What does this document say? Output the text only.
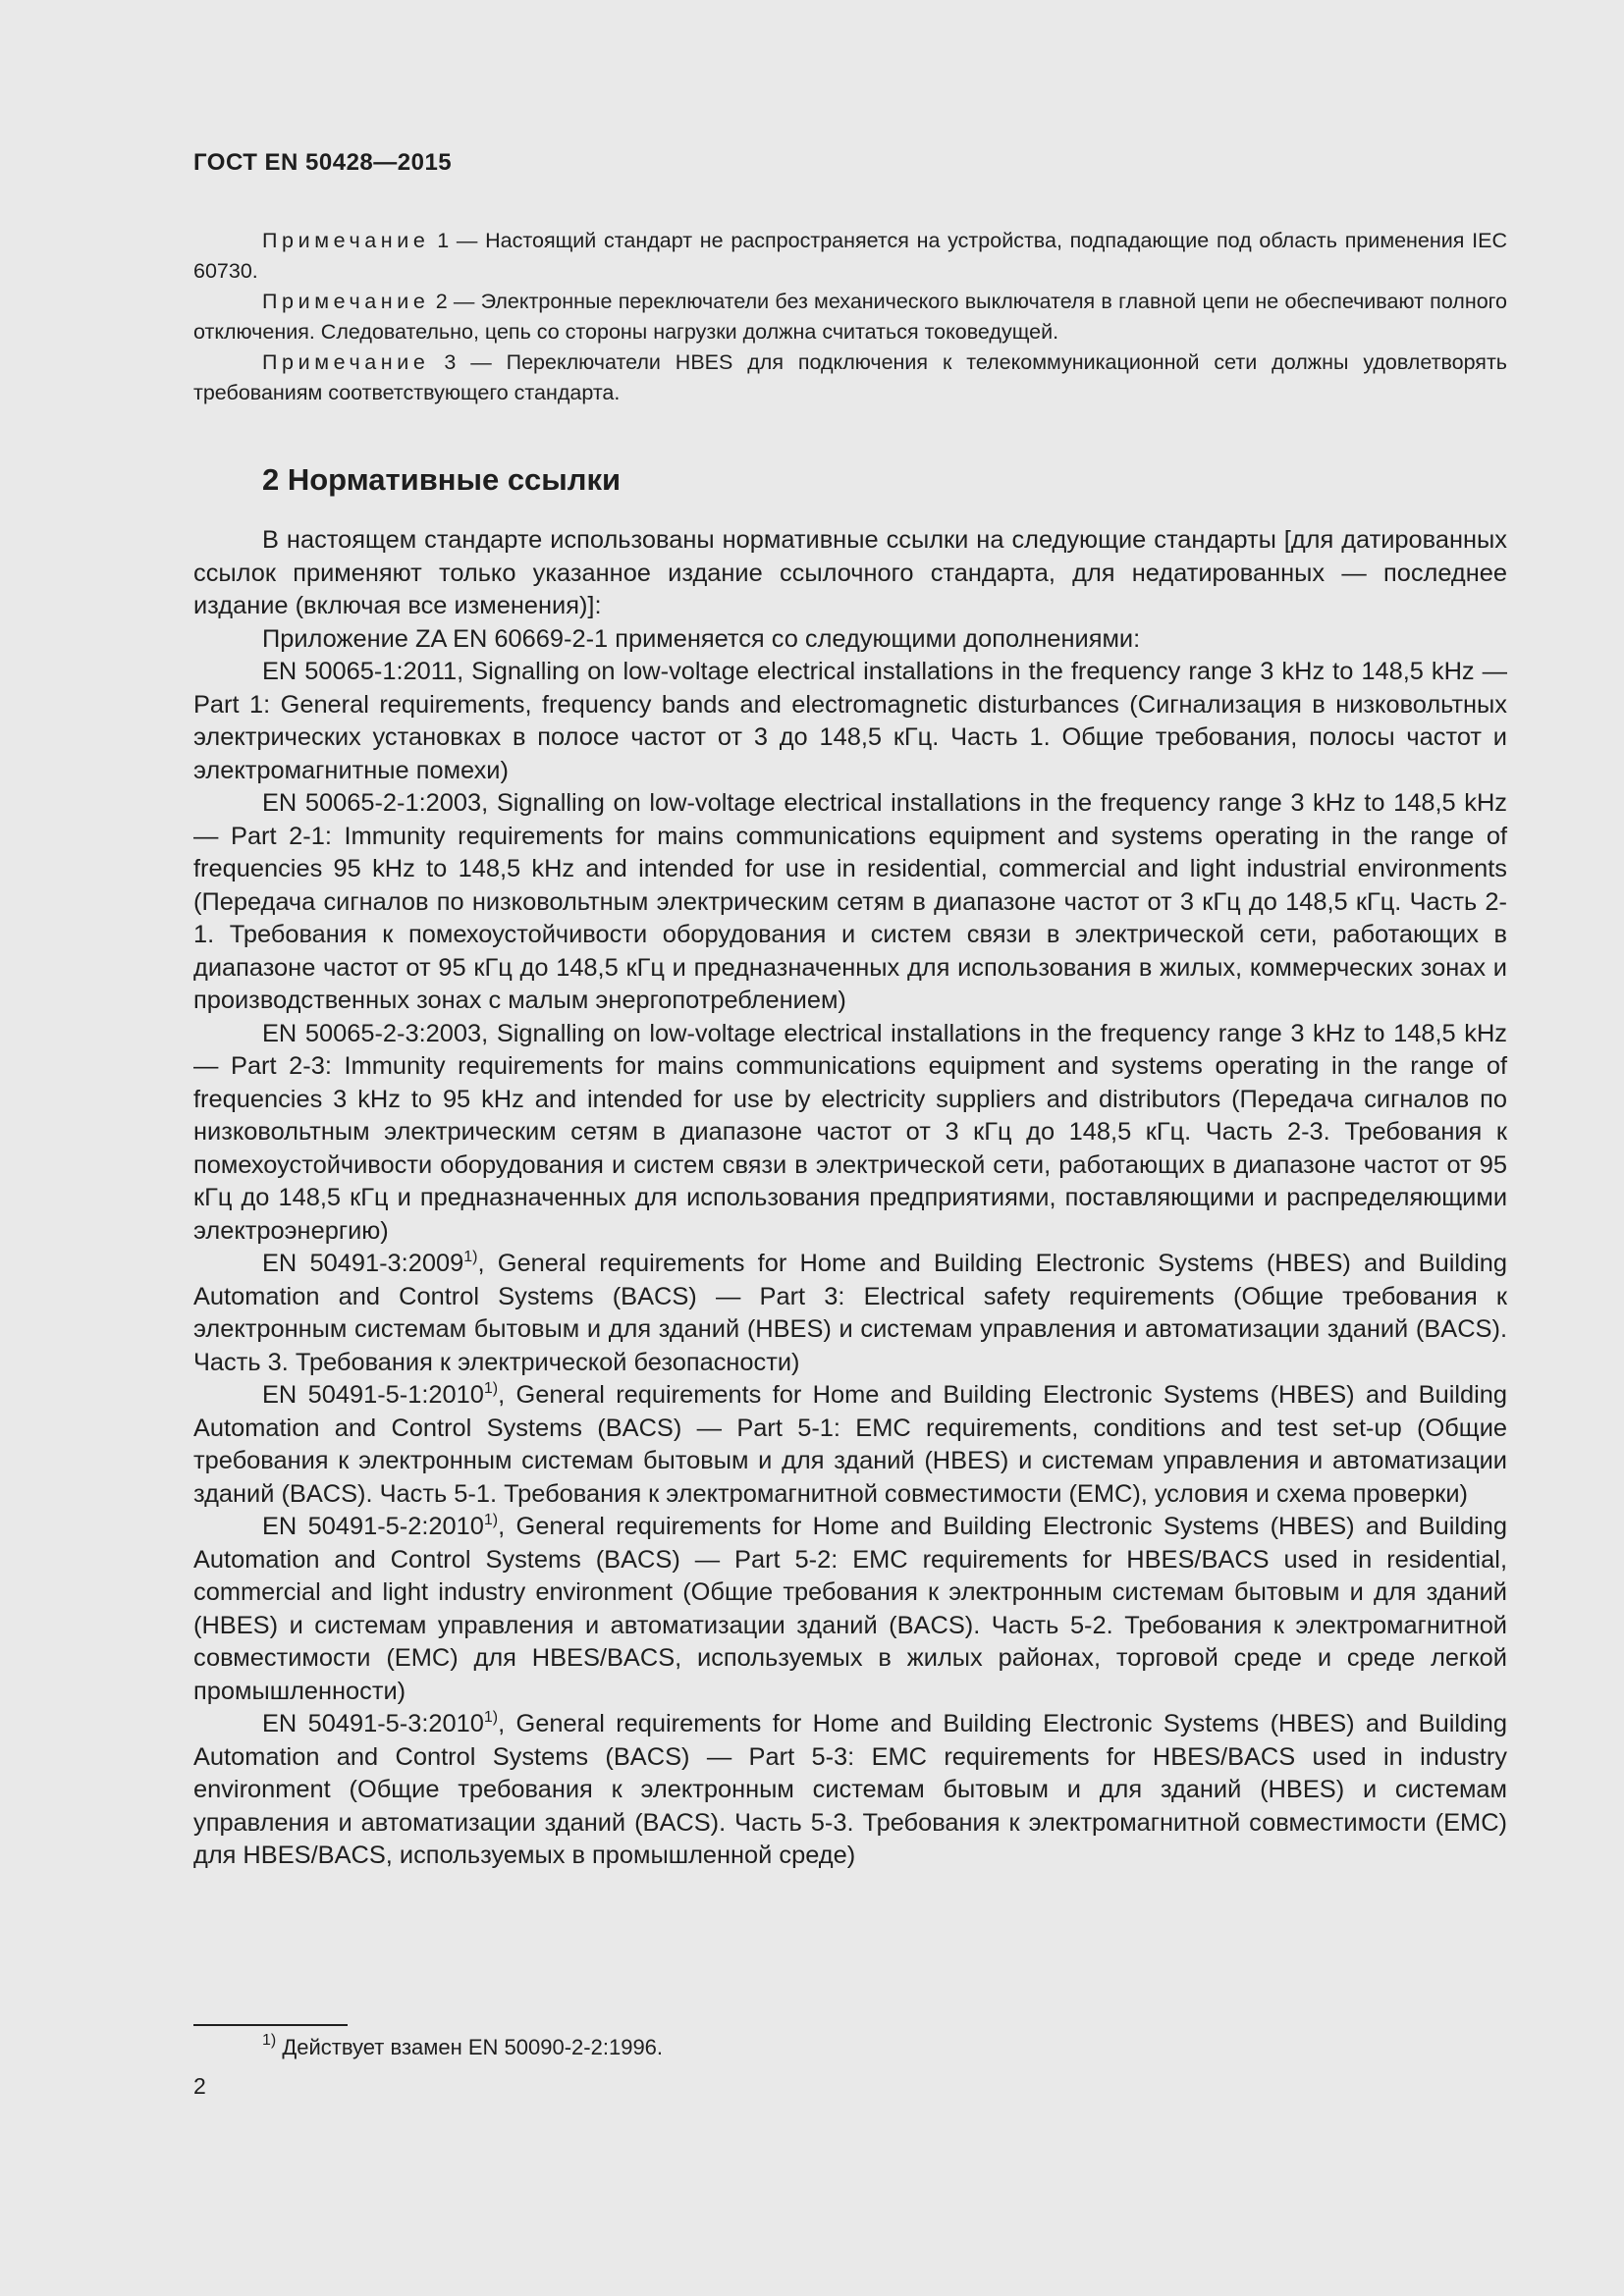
ГОСТ EN 50428—2015

Примечание 1 — Настоящий стандарт не распространяется на устройства, подпадающие под область применения IEC 60730.

Примечание 2 — Электронные переключатели без механического выключателя в главной цепи не обеспечивают полного отключения. Следовательно, цепь со стороны нагрузки должна считаться токоведущей.

Примечание 3 — Переключатели HBES для подключения к телекоммуникационной сети должны удовлетворять требованиям соответствующего стандарта.

2 Нормативные ссылки

В настоящем стандарте использованы нормативные ссылки на следующие стандарты [для датированных ссылок применяют только указанное издание ссылочного стандарта, для недатированных — последнее издание (включая все изменения)]:

Приложение ZA EN 60669-2-1 применяется со следующими дополнениями:

EN 50065-1:2011, Signalling on low-voltage electrical installations in the frequency range 3 kHz to 148,5 kHz — Part 1: General requirements, frequency bands and electromagnetic disturbances (Сигнализация в низковольтных электрических установках в полосе частот от 3 до 148,5 кГц. Часть 1. Общие требования, полосы частот и электромагнитные помехи)

EN 50065-2-1:2003, Signalling on low-voltage electrical installations in the frequency range 3 kHz to 148,5 kHz — Part 2-1: Immunity requirements for mains communications equipment and systems operating in the range of frequencies 95 kHz to 148,5 kHz and intended for use in residential, commercial and light industrial environments (Передача сигналов по низковольтным электрическим сетям в диапазоне частот от 3 кГц до 148,5 кГц. Часть 2-1. Требования к помехоустойчивости оборудования и систем связи в электрической сети, работающих в диапазоне частот от 95 кГц до 148,5 кГц и предназначенных для использования в жилых, коммерческих зонах и производственных зонах с малым энергопотреблением)

EN 50065-2-3:2003, Signalling on low-voltage electrical installations in the frequency range 3 kHz to 148,5 kHz — Part 2-3: Immunity requirements for mains communications equipment and systems operating in the range of frequencies 3 kHz to 95 kHz and intended for use by electricity suppliers and distributors (Передача сигналов по низковольтным электрическим сетям в диапазоне частот от 3 кГц до 148,5 кГц. Часть 2-3. Требования к помехоустойчивости оборудования и систем связи в электрической сети, работающих в диапазоне частот от 95 кГц до 148,5 кГц и предназначенных для использования предприятиями, поставляющими и распределяющими электроэнергию)

EN 50491-3:2009$^{1)}$, General requirements for Home and Building Electronic Systems (HBES) and Building Automation and Control Systems (BACS) — Part 3: Electrical safety requirements (Общие требования к электронным системам бытовым и для зданий (HBES) и системам управления и автоматизации зданий (BACS). Часть 3. Требования к электрической безопасности)

EN 50491-5-1:2010$^{1)}$, General requirements for Home and Building Electronic Systems (HBES) and Building Automation and Control Systems (BACS) — Part 5-1: EMC requirements, conditions and test set-up (Общие требования к электронным системам бытовым и для зданий (HBES) и системам управления и автоматизации зданий (BACS). Часть 5-1. Требования к электромагнитной совместимости (EMC), условия и схема проверки)

EN 50491-5-2:2010$^{1)}$, General requirements for Home and Building Electronic Systems (HBES) and Building Automation and Control Systems (BACS) — Part 5-2: EMC requirements for HBES/BACS used in residential, commercial and light industry environment (Общие требования к электронным системам бытовым и для зданий (HBES) и системам управления и автоматизации зданий (BACS). Часть 5-2. Требования к электромагнитной совместимости (EMC) для HBES/BACS, используемых в жилых районах, торговой среде и среде легкой промышленности)

EN 50491-5-3:2010$^{1)}$, General requirements for Home and Building Electronic Systems (HBES) and Building Automation and Control Systems (BACS) — Part 5-3: EMC requirements for HBES/BACS used in industry environment (Общие требования к электронным системам бытовым и для зданий (HBES) и системам управления и автоматизации зданий (BACS). Часть 5-3. Требования к электромагнитной совместимости (EMC) для HBES/BACS, используемых в промышленной среде)

$^{1)}$ Действует взамен EN 50090-2-2:1996.
2
